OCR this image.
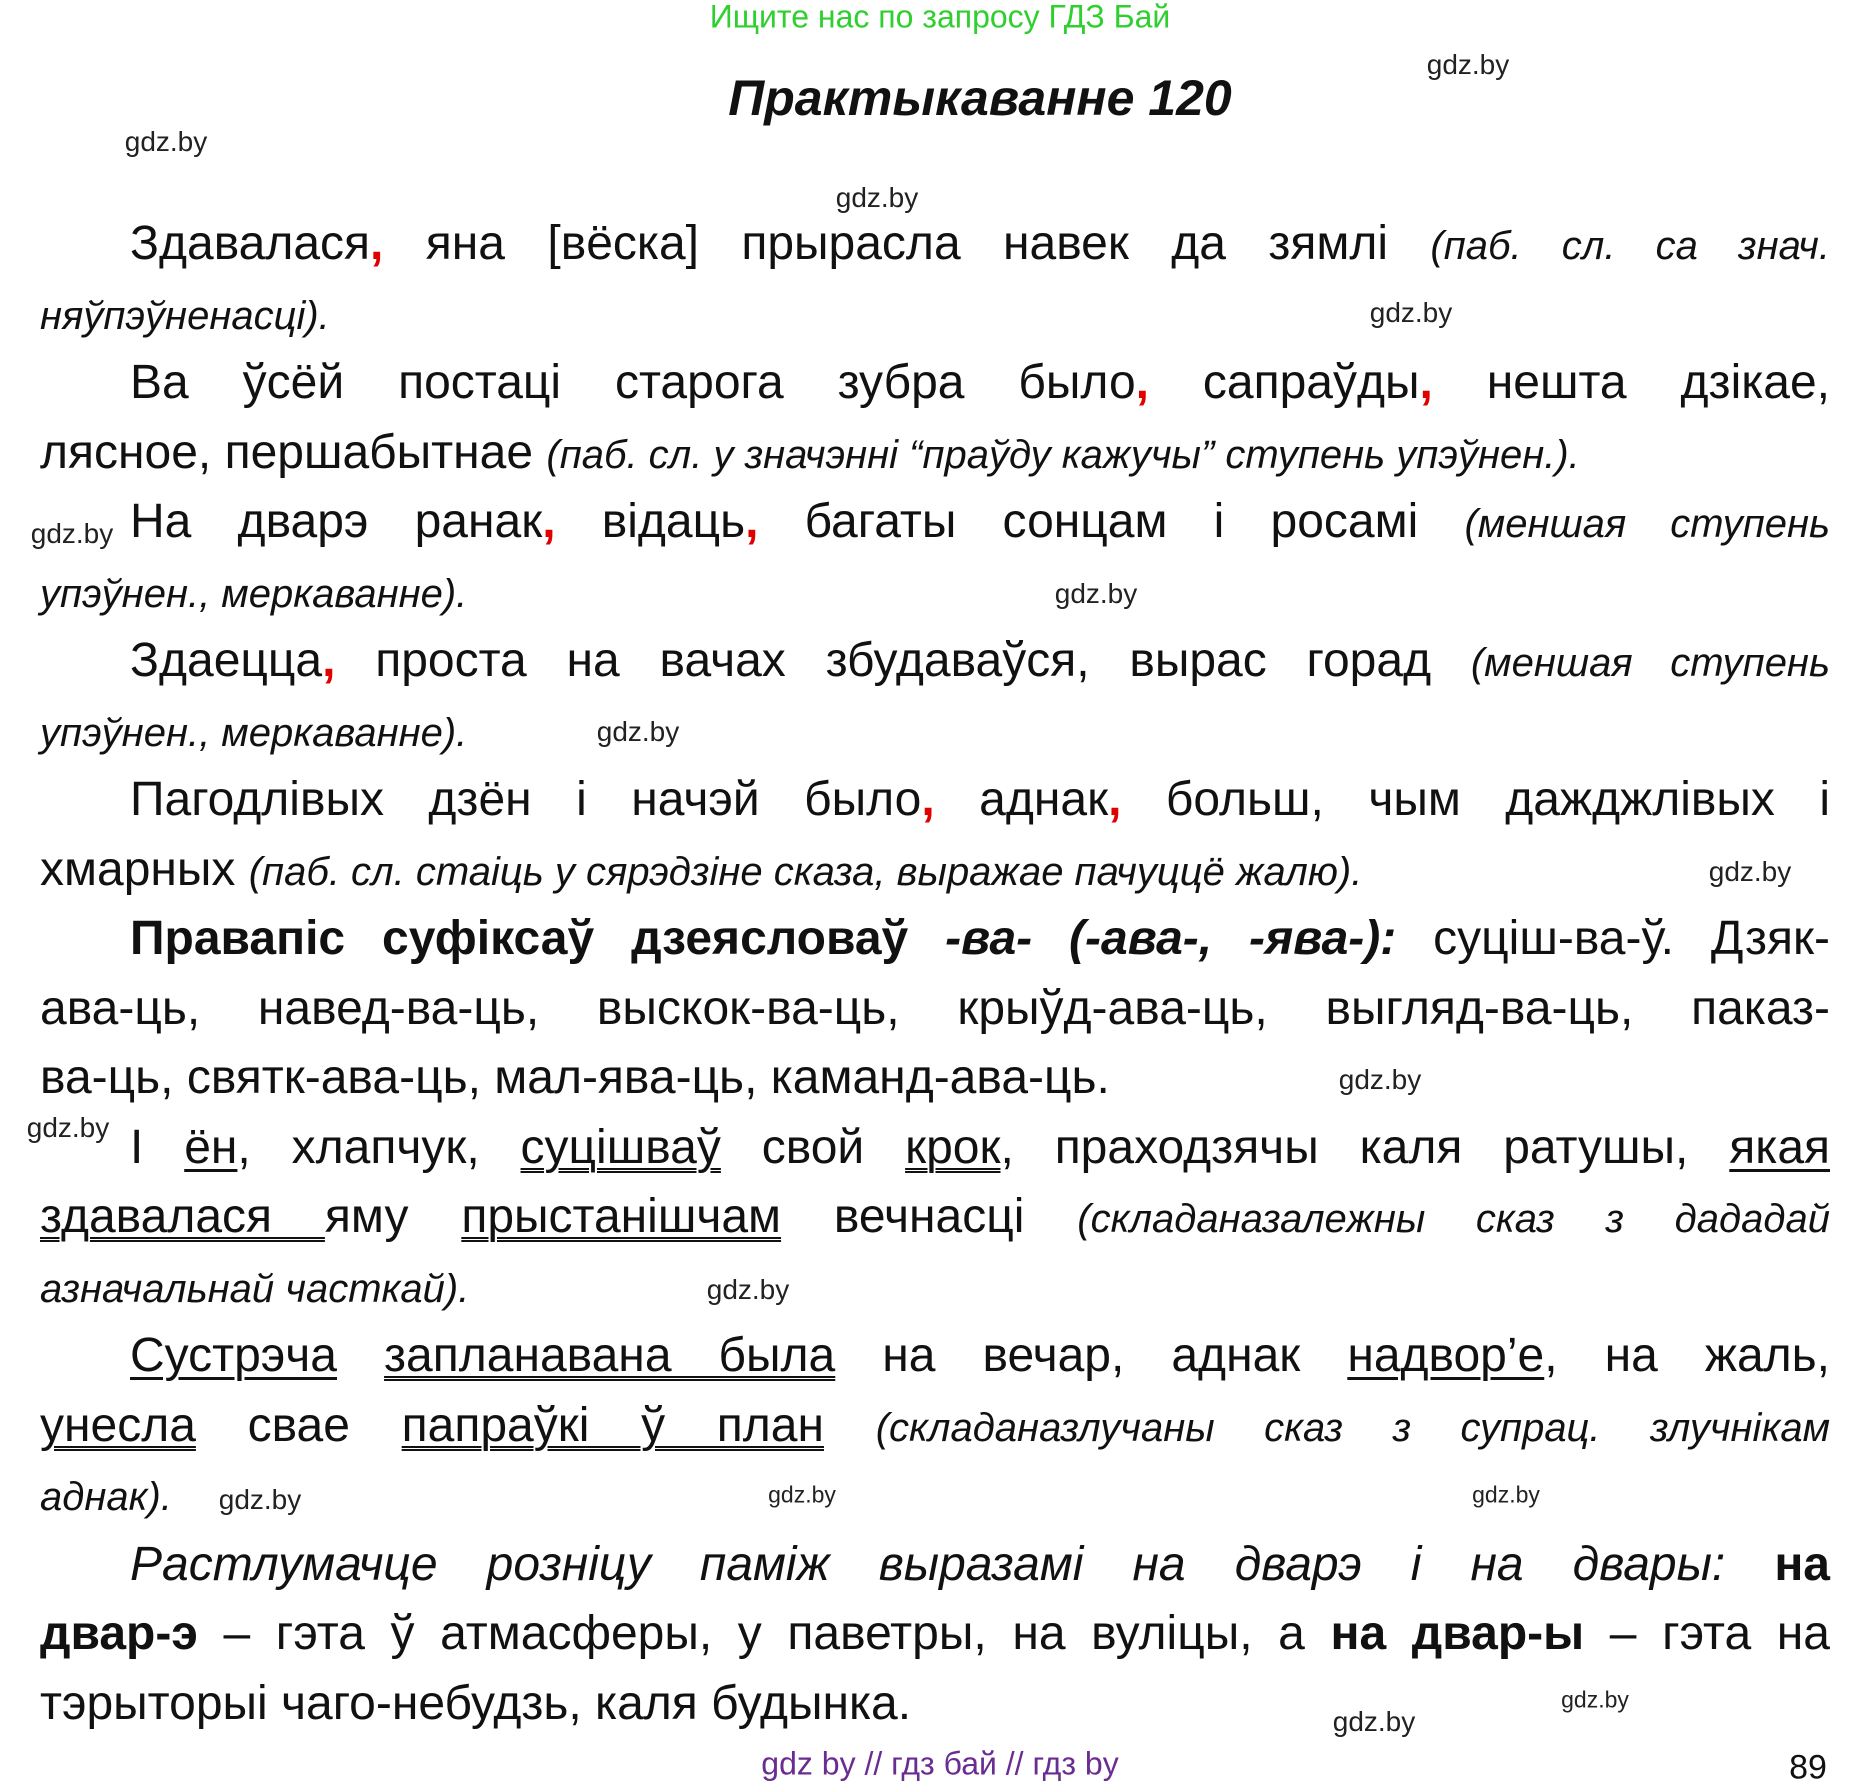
Ищите нас по запросу ГДЗ Бай
Практыкаванне 120
gdz.by
gdz.by
gdz.by
gdz.by
gdz.by
gdz.by
gdz.by
gdz.by
gdz.by
gdz.by
gdz.by
gdz.by
gdz.by	gdz.by
gdz.by
gdz.by
Здавалася, яна [вёска] прырасла навек да зямлі (паб. сл. са знач.
няўпэўненасці).
Ва ўсёй постаці старога зубра было, сапраўды, нешта дзікае,
лясное, першабытнае (паб. сл. у значэнні “праўду кажучы” ступень упэўнен.).
На дварэ ранак, відаць, багаты сонцам і росамі (меншая ступень
упэўнен., меркаванне).
Здаецца, проста на вачах збудаваўся, вырас горад (меншая ступень
упэўнен., меркаванне).
Пагодлівых дзён і начэй было, аднак, больш, чым дажджлівых і
хмарных (паб. сл. стаіць у сярэдзіне сказа, выражае пачуццё жалю).
Правапіс суфіксаў дзеясловаў -ва- (-ава-, -ява-): суціш-ва-ў. Дзяк-
ава-ць, навед-ва-ць, выскок-ва-ць, крыўд-ава-ць, выгляд-ва-ць, паказ-
ва-ць, святк-ава-ць, мал-ява-ць, каманд-ава-ць.
І ён, хлапчук, суцішваў свой крок, праходзячы каля ратушы, якая
здавалася яму прыстанішчам вечнасці (складаназалежны сказ з дададай
азначальнай часткай).
Сустрэча запланавана была на вечар, аднак надвор’е, на жаль,
унесла свае папраўкі ў план (складаназлучаны сказ з супрац. злучнікам
аднак).
Растлумачце розніцу паміж выразамі на дварэ і на двары: на
двар-э – гэта ў атмасферы, у паветры, на вуліцы, а на двар-ы – гэта на
тэрыторыі чаго-небудзь, каля будынка.
gdz by // гдз бай // гдз by	89
